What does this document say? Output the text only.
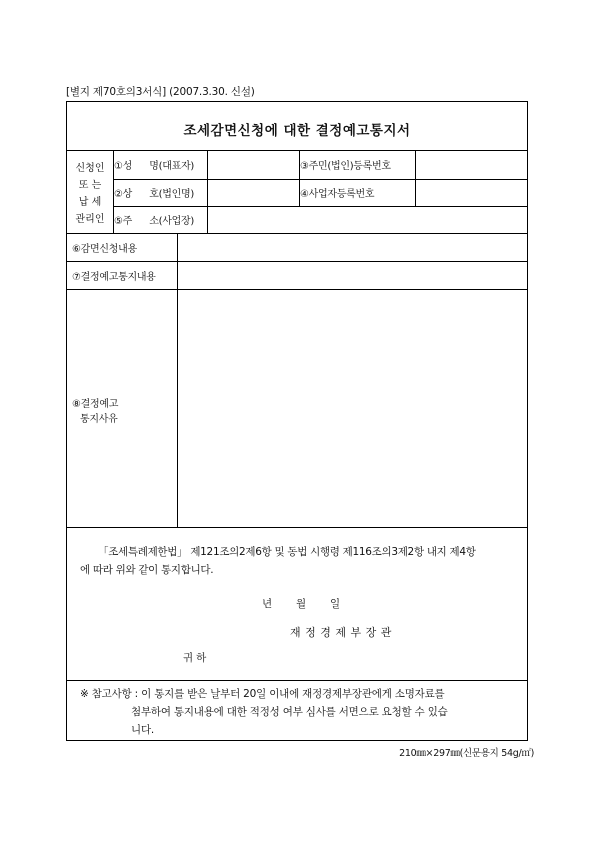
[별지 제70호의3서식] (2007.3.30. 신설)
조세감면신청에 대한 결정예고통지서
신청인
또 는
납 세
관리인
①성      명(대표자)	③주민(법인)등록번호
②상      호(법인명)	④사업자등록번호
⑤주      소(사업장)
⑥감면신청내용
⑦결정예고통지내용
⑧결정예고
통지사유
「조세특례제한법」 제121조의2제6항 및 동법 시행령 제116조의3제2항 내지 제4항
에 따라 위와 같이 통지합니다.
년 월 일
재 정 경 제 부 장 관
귀하
※ 참고사항 : 이 통지를 받은 날부터 20일 이내에 재정경제부장관에게 소명자료를
첨부하여 통지내용에 대한 적정성 여부 심사를 서면으로 요청할 수 있습
니다.
210㎜×297㎜(신문용지 54g/㎡)
